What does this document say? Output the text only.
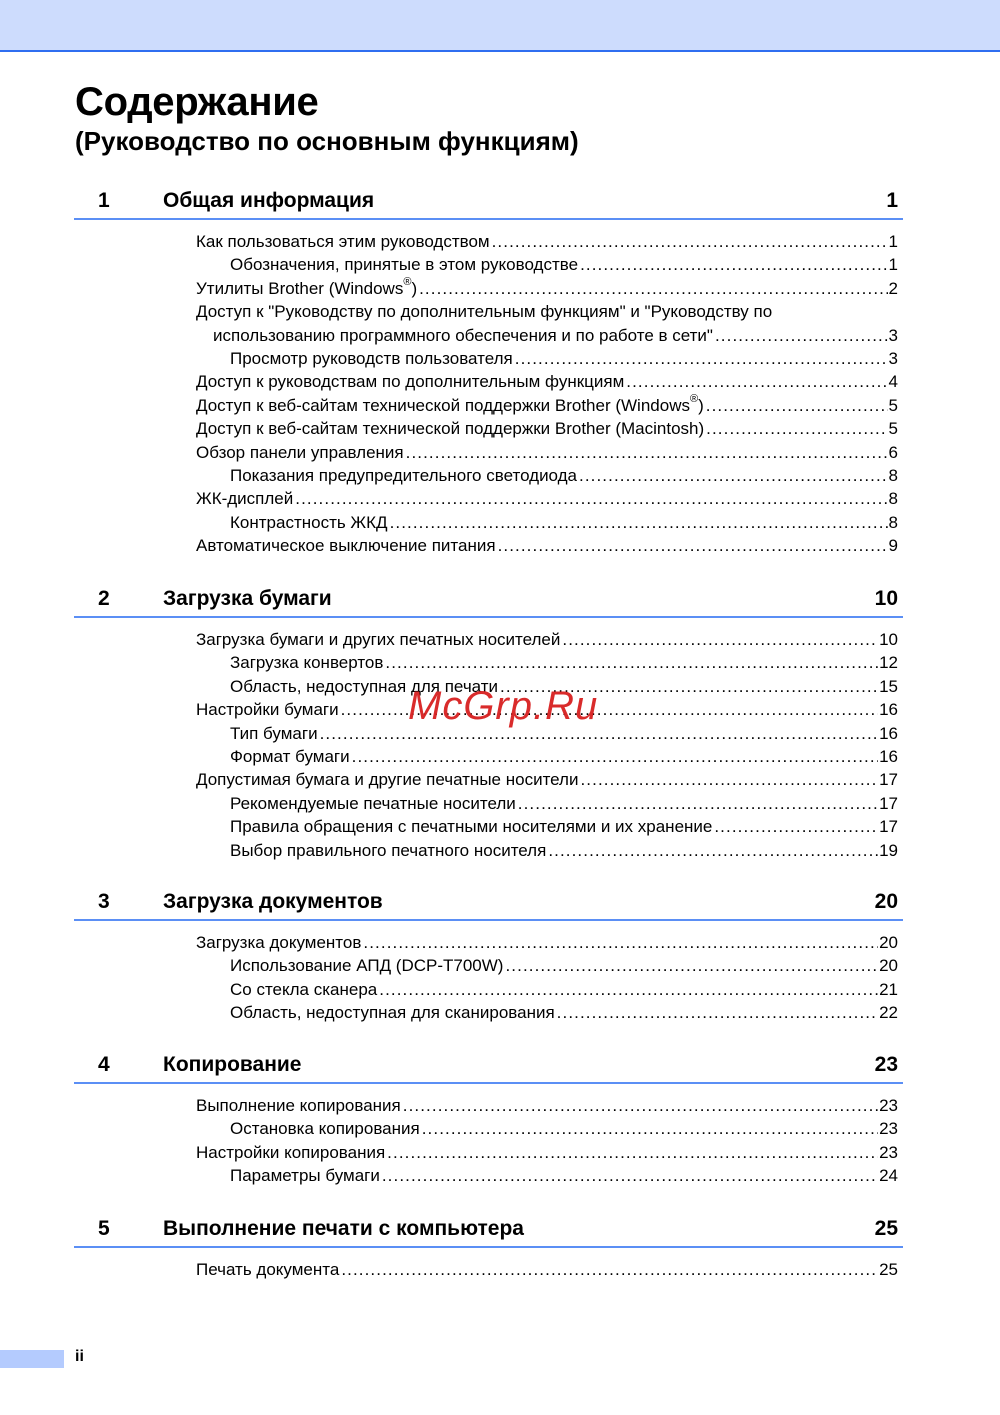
Содержание
(Руководство по основным функциям)
1	Общая информация	1
Как пользоваться этим руководством .....	1
Обозначения, принятые в этом руководстве .....	1
Утилиты Brother (Windows®) .....	2
Доступ к "Руководству по дополнительным функциям" и "Руководству по
использованию программного обеспечения и по работе в сети" .....	3
Просмотр руководств пользователя .....	3
Доступ к руководствам по дополнительным функциям .....	4
Доступ к веб-сайтам технической поддержки Brother (Windows®) .....	5
Доступ к веб-сайтам технической поддержки Brother (Macintosh) .....	5
Обзор панели управления .....	6
Показания предупредительного светодиода .....	8
ЖК-дисплей .....	8
Контрастность ЖКД .....	8
Автоматическое выключение питания .....	9
2	Загрузка бумаги	10
Загрузка бумаги и других печатных носителей .....	10
Загрузка конвертов .....	12
Область, недоступная для печати .....	15
Настройки бумаги .....	16
Тип бумаги .....	16
Формат бумаги .....	16
Допустимая бумага и другие печатные носители .....	17
Рекомендуемые печатные носители .....	17
Правила обращения с печатными носителями и их хранение .....	17
Выбор правильного печатного носителя .....	19
3	Загрузка документов	20
Загрузка документов .....	20
Использование АПД (DCP-T700W) .....	20
Со стекла сканера .....	21
Область, недоступная для сканирования .....	22
4	Копирование	23
Выполнение копирования .....	23
Остановка копирования .....	23
Настройки копирования .....	23
Параметры бумаги .....	24
5	Выполнение печати с компьютера	25
Печать документа .....	25
McGrp.Ru
ii
